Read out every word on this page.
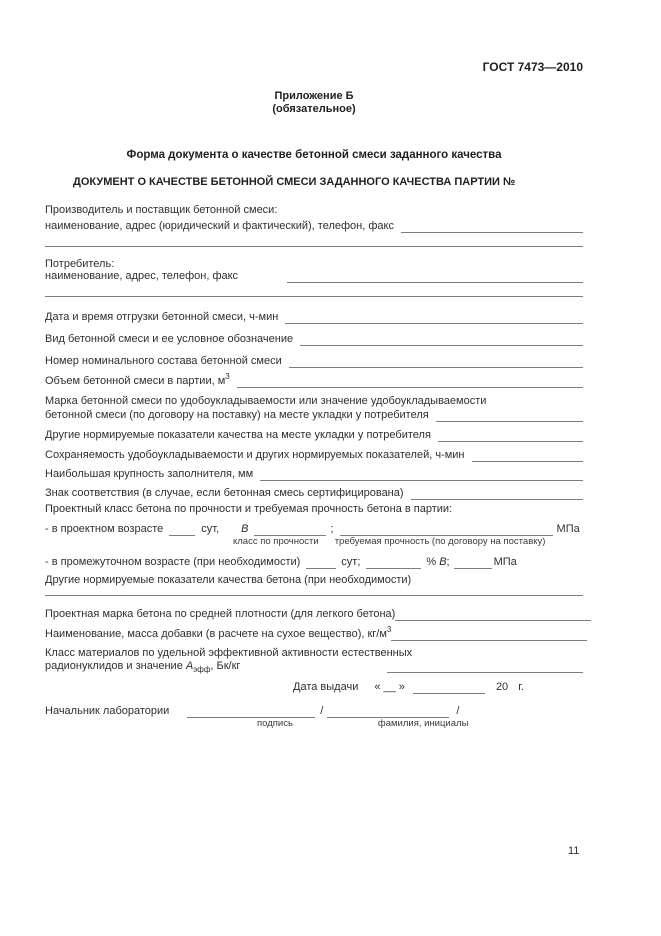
ГОСТ 7473—2010
Приложение Б
(обязательное)
Форма документа о качестве бетонной смеси заданного качества
ДОКУМЕНТ О КАЧЕСТВЕ БЕТОННОЙ СМЕСИ ЗАДАННОГО КАЧЕСТВА ПАРТИИ №
Производитель и поставщик бетонной смеси:
наименование, адрес (юридический и фактический), телефон, факс
Потребитель:
наименование, адрес, телефон, факс
Дата и время отгрузки бетонной смеси, ч-мин
Вид бетонной смеси и ее условное обозначение
Номер номинального состава бетонной смеси
Объем бетонной смеси в партии, м 3
Марка бетонной смеси по удобоукладываемости или значение удобоукладываемости
бетонной смеси (по договору на поставку) на месте укладки у потребителя
Другие нормируемые показатели качества на месте укладки у потребителя
Сохраняемость удобоукладываемости и других нормируемых показателей, ч-мин
Наибольшая крупность заполнителя, мм
Знак соответствия (в случае, если бетонная смесь сертифицирована)
Проектный класс бетона по прочности и требуемая прочность бетона в партии:
- в проектном возрасте	сут, В	;	МПа
класс по прочности требуемая прочность (по договору на поставку)
- в промежуточном возрасте (при необходимости)	сут;	% В ;	МПа
Другие нормируемые показатели качества бетона (при необходимости)
Проектная марка бетона по средней плотности (для легкого бетона)
Наименование, масса добавки (в расчете на сухое вещество), кг/м 3
Класс материалов по удельной эффективной активности естественных
радионуклидов и значение А эфф , Бк/кг
Дата выдачи « __ »	20 г.
Начальник лаборатории	/	/
подпись	фамилия, инициалы
11
